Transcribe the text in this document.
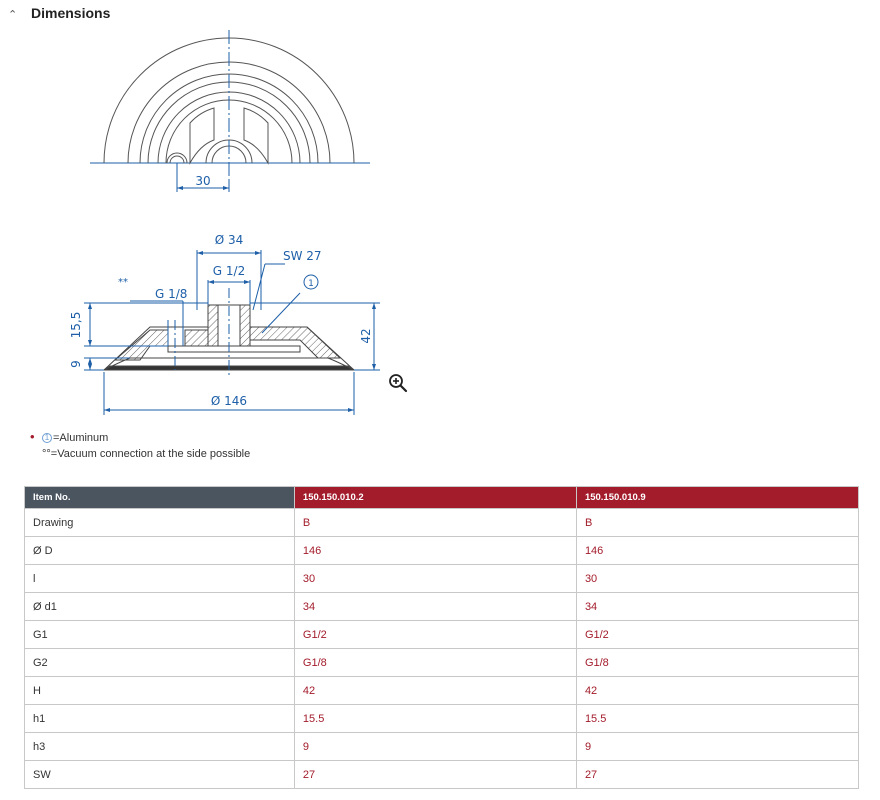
⌃ Dimensions
30
Ø 34
G 1/2
SW 27
**
G 1/8
1
15,5
9
42
Ø 146
•	1 =Aluminum
°°=Vacuum connection at the side possible
Item No.	150.150.010.2	150.150.010.9
Drawing	B	B
Ø D	146	146
l	30	30
Ø d1	34	34
G1	G1/2	G1/2
G2	G1/8	G1/8
H	42	42
h1	15.5	15.5
h3	9	9
SW	27	27
